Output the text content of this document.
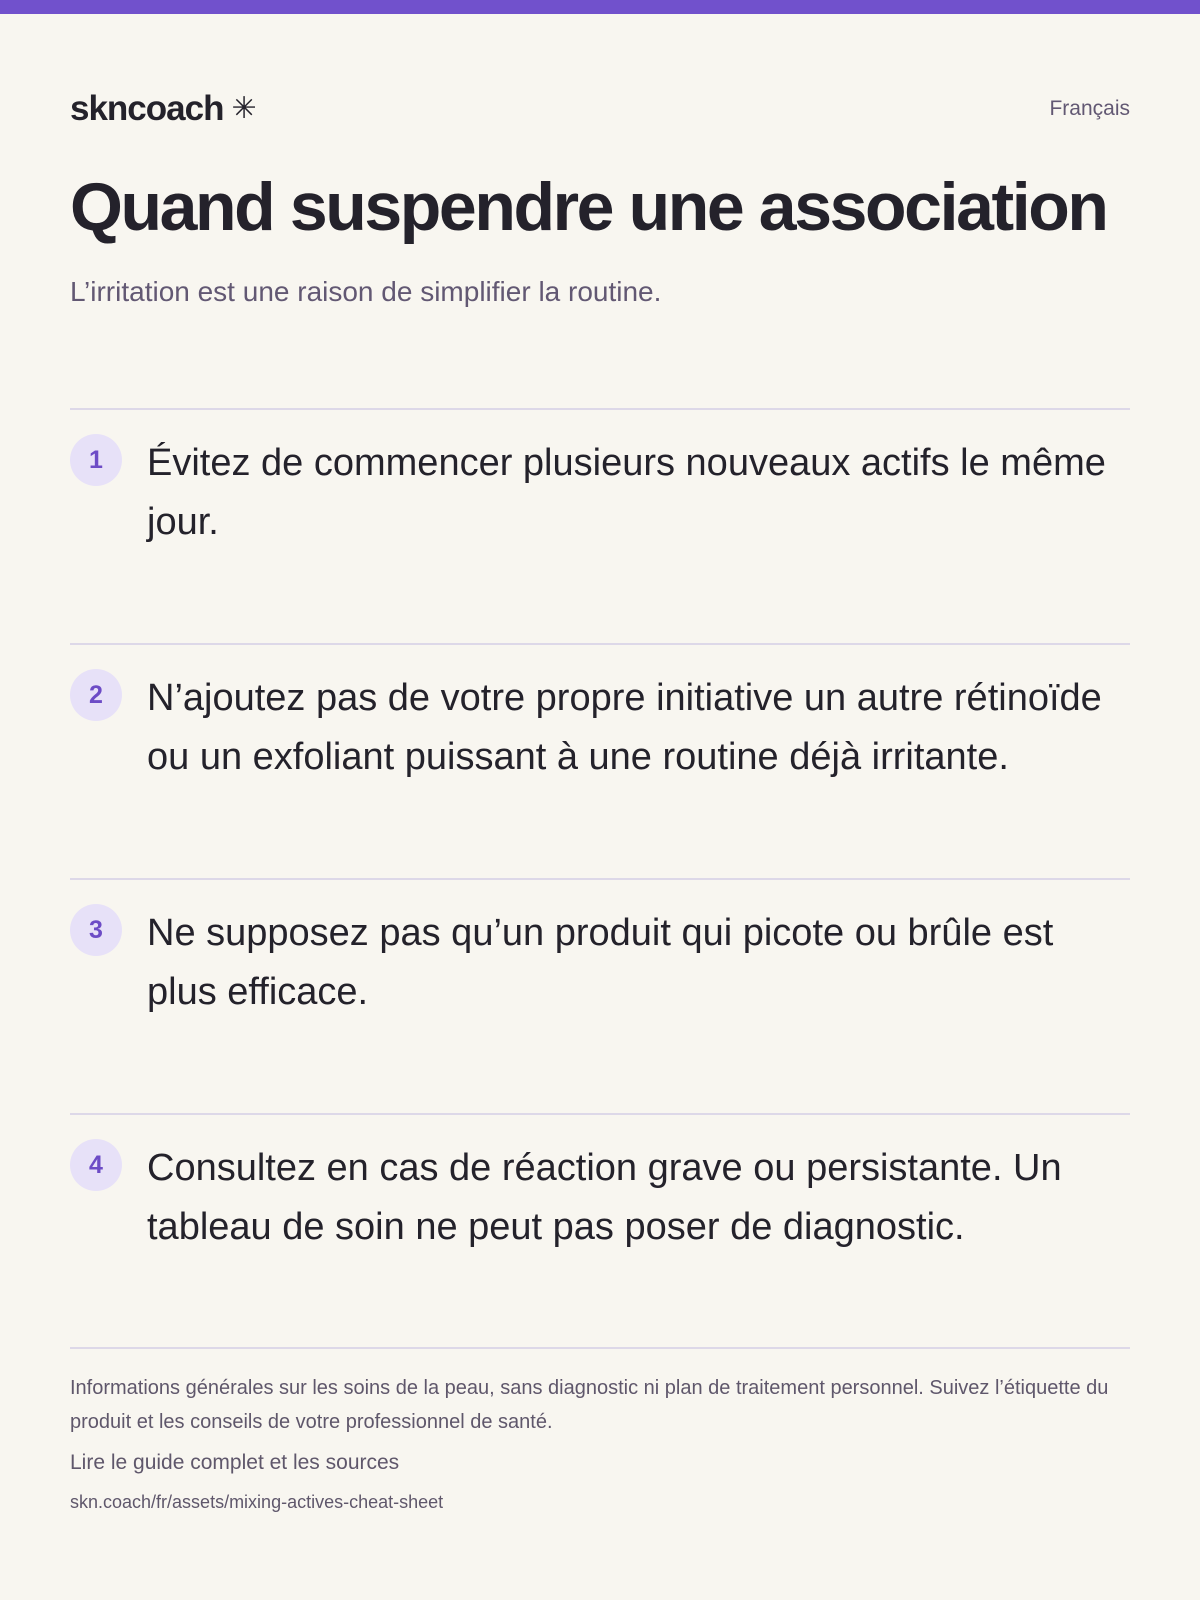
skncoach ✳	Français
Quand suspendre une association

L’irritation est une raison de simplifier la routine.

1	Évitez de commencer plusieurs nouveaux actifs le même jour.

2	N’ajoutez pas de votre propre initiative un autre rétinoïde ou un exfoliant puissant à une routine déjà irritante.

3	Ne supposez pas qu’un produit qui picote ou brûle est plus efficace.

4	Consultez en cas de réaction grave ou persistante. Un tableau de soin ne peut pas poser de diagnostic.

Informations générales sur les soins de la peau, sans diagnostic ni plan de traitement personnel. Suivez l’étiquette du produit et les conseils de votre professionnel de santé.

Lire le guide complet et les sources

skn.coach/fr/assets/mixing-actives-cheat-sheet
